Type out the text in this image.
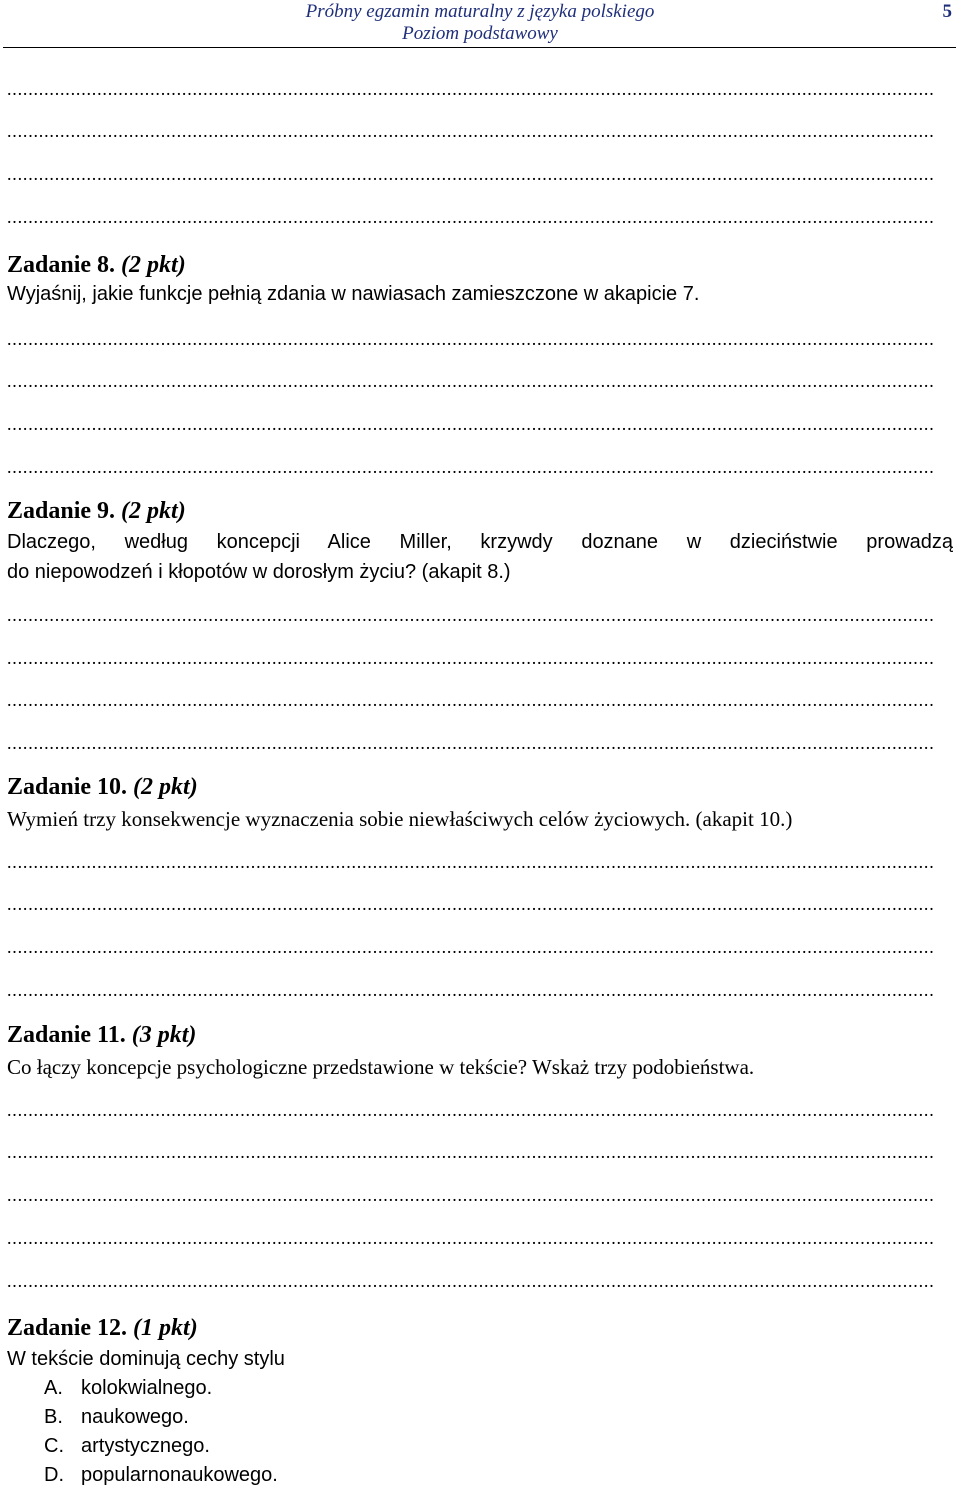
Próbny egzamin maturalny z języka polskiego
Poziom podstawowy
5
...............................................................................................................................................................................
...............................................................................................................................................................................
...............................................................................................................................................................................
...............................................................................................................................................................................
Zadanie 8. (2 pkt)
Wyjaśnij, jakie funkcje pełnią zdania w nawiasach zamieszczone w akapicie 7.
...............................................................................................................................................................................
...............................................................................................................................................................................
...............................................................................................................................................................................
...............................................................................................................................................................................
Zadanie 9. (2 pkt)
Dlaczego, według koncepcji Alice Miller, krzywdy doznane w dzieciństwie prowadzą
do niepowodzeń i kłopotów w dorosłym życiu? (akapit 8.)
...............................................................................................................................................................................
...............................................................................................................................................................................
...............................................................................................................................................................................
...............................................................................................................................................................................
Zadanie 10. (2 pkt)
Wymień trzy konsekwencje wyznaczenia sobie niewłaściwych celów życiowych. (akapit 10.)
...............................................................................................................................................................................
...............................................................................................................................................................................
...............................................................................................................................................................................
...............................................................................................................................................................................
Zadanie 11. (3 pkt)
Co łączy koncepcje psychologiczne przedstawione w tekście? Wskaż trzy podobieństwa.
...............................................................................................................................................................................
...............................................................................................................................................................................
...............................................................................................................................................................................
...............................................................................................................................................................................
...............................................................................................................................................................................
Zadanie 12. (1 pkt)
W tekście dominują cechy stylu
A. kolokwialnego.
B. naukowego.
C. artystycznego.
D. popularnonaukowego.
